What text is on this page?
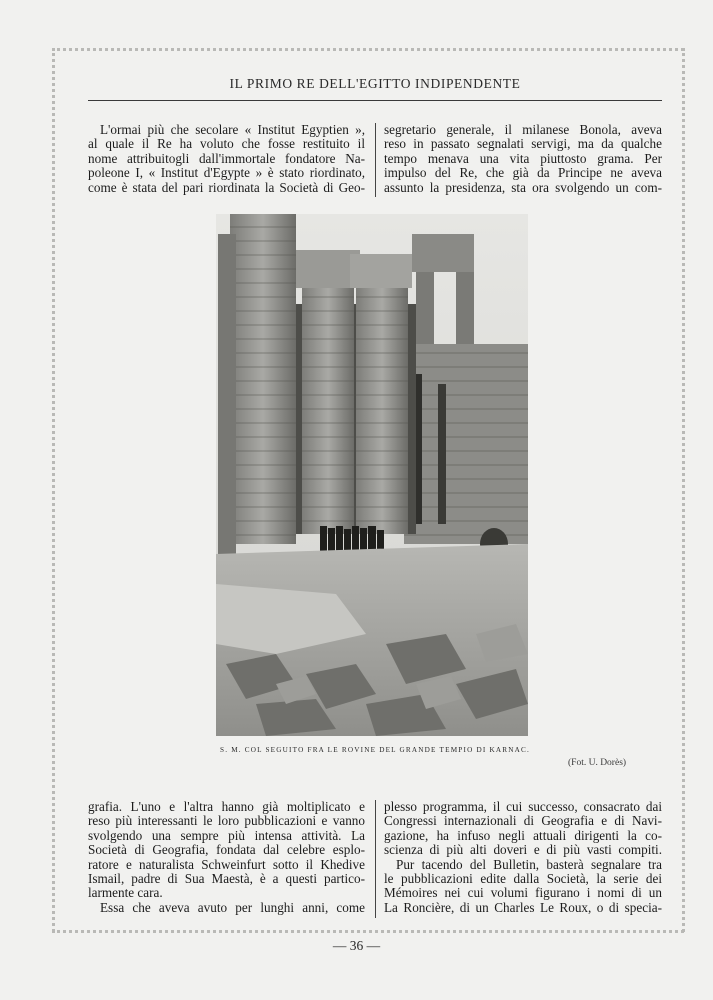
IL PRIMO RE DELL'EGITTO INDIPENDENTE

L'ormai più che secolare « Institut Egyptien »,

al quale il Re ha voluto che fosse restituito il

nome attribuitogli dall'immortale fondatore Na-

poleone I, « Institut d'Egypte » è stato riordinato,

come è stata del pari riordinata la Società di Geo-

segretario generale, il milanese Bonola, aveva

reso in passato segnalati servigi, ma da qualche

tempo menava una vita piuttosto grama. Per

impulso del Re, che già da Principe ne aveva

assunto la presidenza, sta ora svolgendo un com-

S. M. COL SEGUITO FRA LE ROVINE DEL GRANDE TEMPIO DI KARNAC.
(Fot. U. Dorès)

grafia. L'uno e l'altra hanno già moltiplicato e

reso più interessanti le loro pubblicazioni e vanno

svolgendo una sempre più intensa attività. La

Società di Geografia, fondata dal celebre esplo-

ratore e naturalista Schweinfurt sotto il Khedive

Ismail, padre di Sua Maestà, è a questi partico-

larmente cara.

Essa che aveva avuto per lunghi anni, come

plesso programma, il cui successo, consacrato dai

Congressi internazionali di Geografia e di Navi-

gazione, ha infuso negli attuali dirigenti la co-

scienza di più alti doveri e di più vasti compiti.

Pur tacendo del Bulletin, basterà segnalare tra

le pubblicazioni edite dalla Società, la serie dei

Mémoires nei cui volumi figurano i nomi di un

La Roncière, di un Charles Le Roux, o di specia-

— 36 —
